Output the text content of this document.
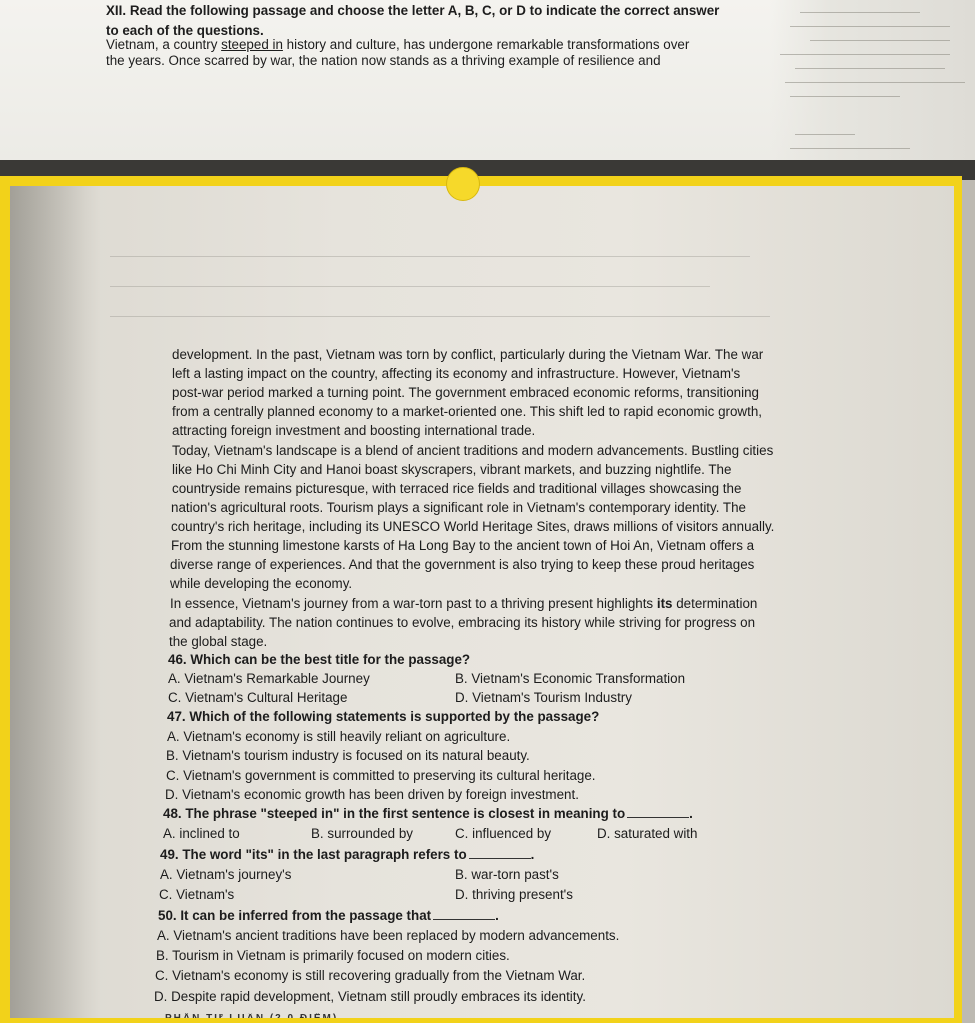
XII. Read the following passage and choose the letter A, B, C, or D to indicate the correct answer
to each of the questions.
Vietnam, a country steeped in history and culture, has undergone remarkable transformations over
the years. Once scarred by war, the nation now stands as a thriving example of resilience and
development. In the past, Vietnam was torn by conflict, particularly during the Vietnam War. The war
left a lasting impact on the country, affecting its economy and infrastructure. However, Vietnam's
post-war period marked a turning point. The government embraced economic reforms, transitioning
from a centrally planned economy to a market-oriented one. This shift led to rapid economic growth,
attracting foreign investment and boosting international trade.
Today, Vietnam's landscape is a blend of ancient traditions and modern advancements. Bustling cities
like Ho Chi Minh City and Hanoi boast skyscrapers, vibrant markets, and buzzing nightlife. The
countryside remains picturesque, with terraced rice fields and traditional villages showcasing the
nation's agricultural roots. Tourism plays a significant role in Vietnam's contemporary identity. The
country's rich heritage, including its UNESCO World Heritage Sites, draws millions of visitors annually.
From the stunning limestone karsts of Ha Long Bay to the ancient town of Hoi An, Vietnam offers a
diverse range of experiences. And that the government is also trying to keep these proud heritages
while developing the economy.
In essence, Vietnam's journey from a war-torn past to a thriving present highlights its determination
and adaptability. The nation continues to evolve, embracing its history while striving for progress on
the global stage.
46. Which can be the best title for the passage?
A. Vietnam's Remarkable Journey	B. Vietnam's Economic Transformation
C. Vietnam's Cultural Heritage	D. Vietnam's Tourism Industry
47. Which of the following statements is supported by the passage?
A. Vietnam's economy is still heavily reliant on agriculture.
B. Vietnam's tourism industry is focused on its natural beauty.
C. Vietnam's government is committed to preserving its cultural heritage.
D. Vietnam's economic growth has been driven by foreign investment.
48. The phrase "steeped in" in the first sentence is closest in meaning to	.
A. inclined to	B. surrounded by	C. influenced by	D. saturated with
49. The word "its" in the last paragraph refers to	.
A. Vietnam's journey's	B. war-torn past's
C. Vietnam's	D. thriving present's
50. It can be inferred from the passage that	.
A. Vietnam's ancient traditions have been replaced by modern advancements.
B. Tourism in Vietnam is primarily focused on modern cities.
C. Vietnam's economy is still recovering gradually from the Vietnam War.
D. Despite rapid development, Vietnam still proudly embraces its identity.
